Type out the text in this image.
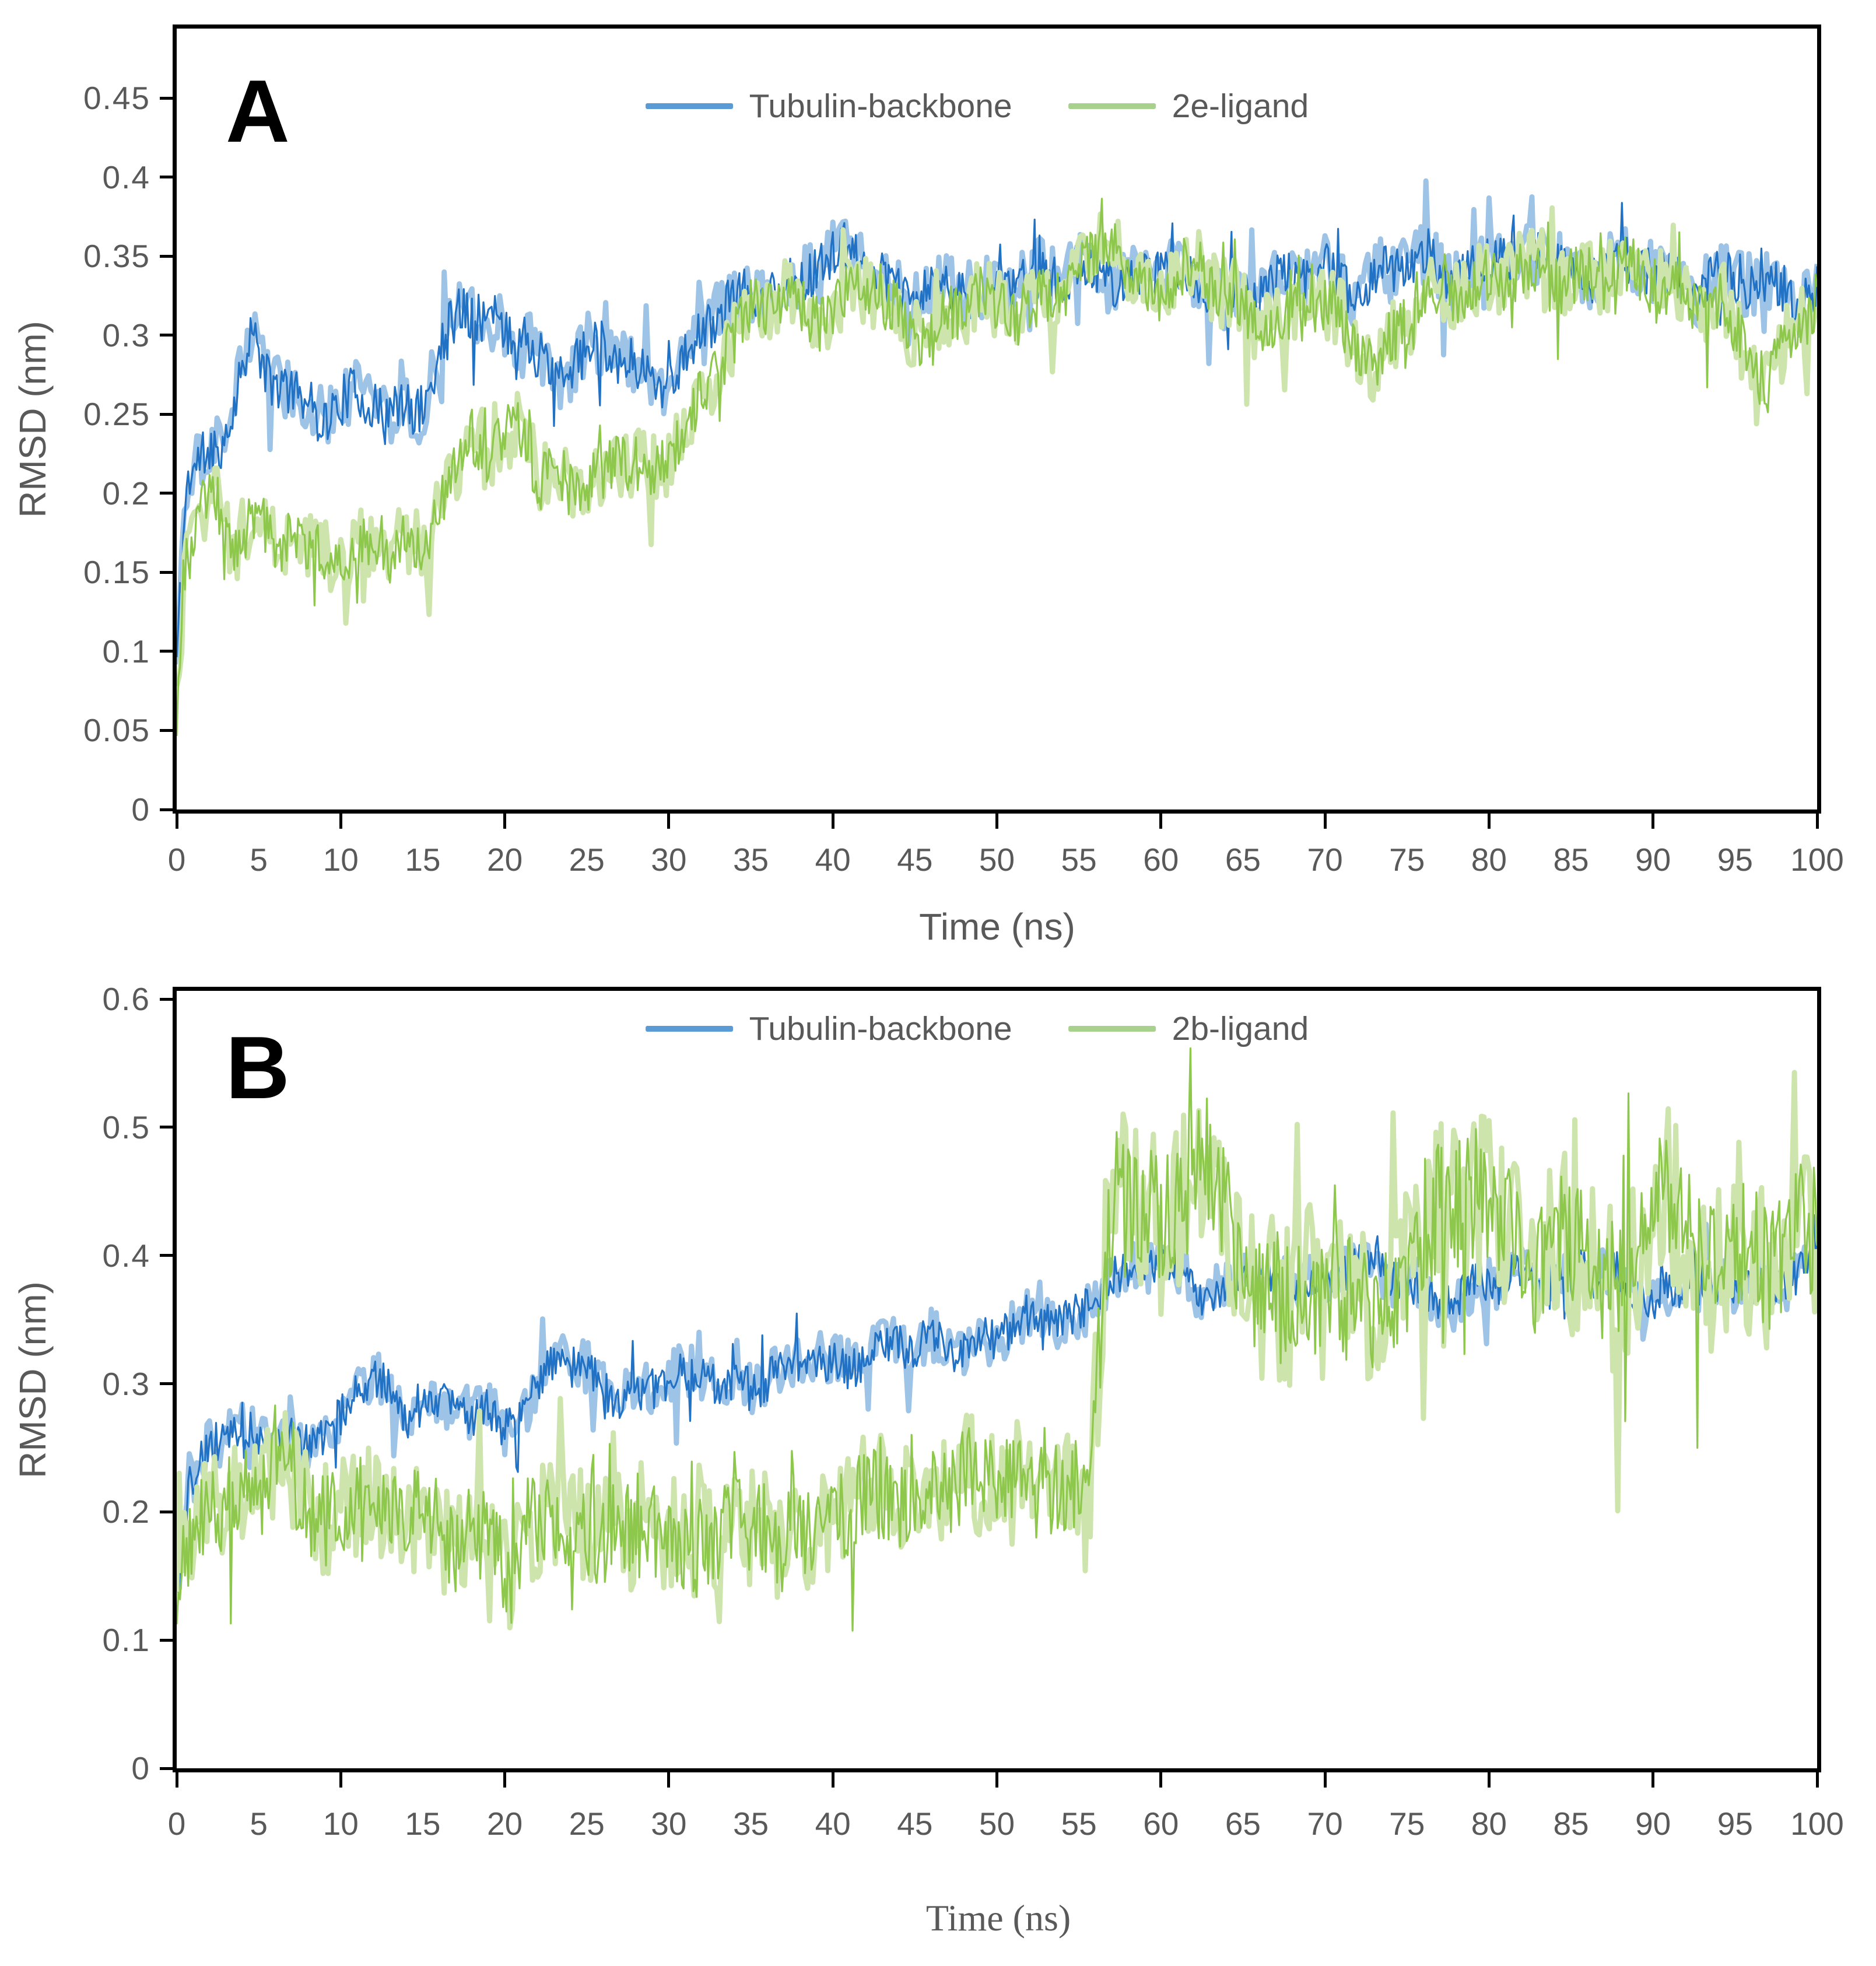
RMSD (nm)
A	Tubulin-backbone	2e-ligand
0 5 10 15 20 25 30 35 40 45 50 55 60 65 70 75 80 85 90 95 100
0
0.05
0.1
0.15
0.2
0.25
0.3
0.35
0.4
0.45
Time (ns)
RMSD (nm)
B	Tubulin-backbone	2b-ligand
0 5 10 15 20 25 30 35 40 45 50 55 60 65 70 75 80 85 90 95 100
0
0.1
0.2
0.3
0.4
0.5
0.6
Time (ns)
